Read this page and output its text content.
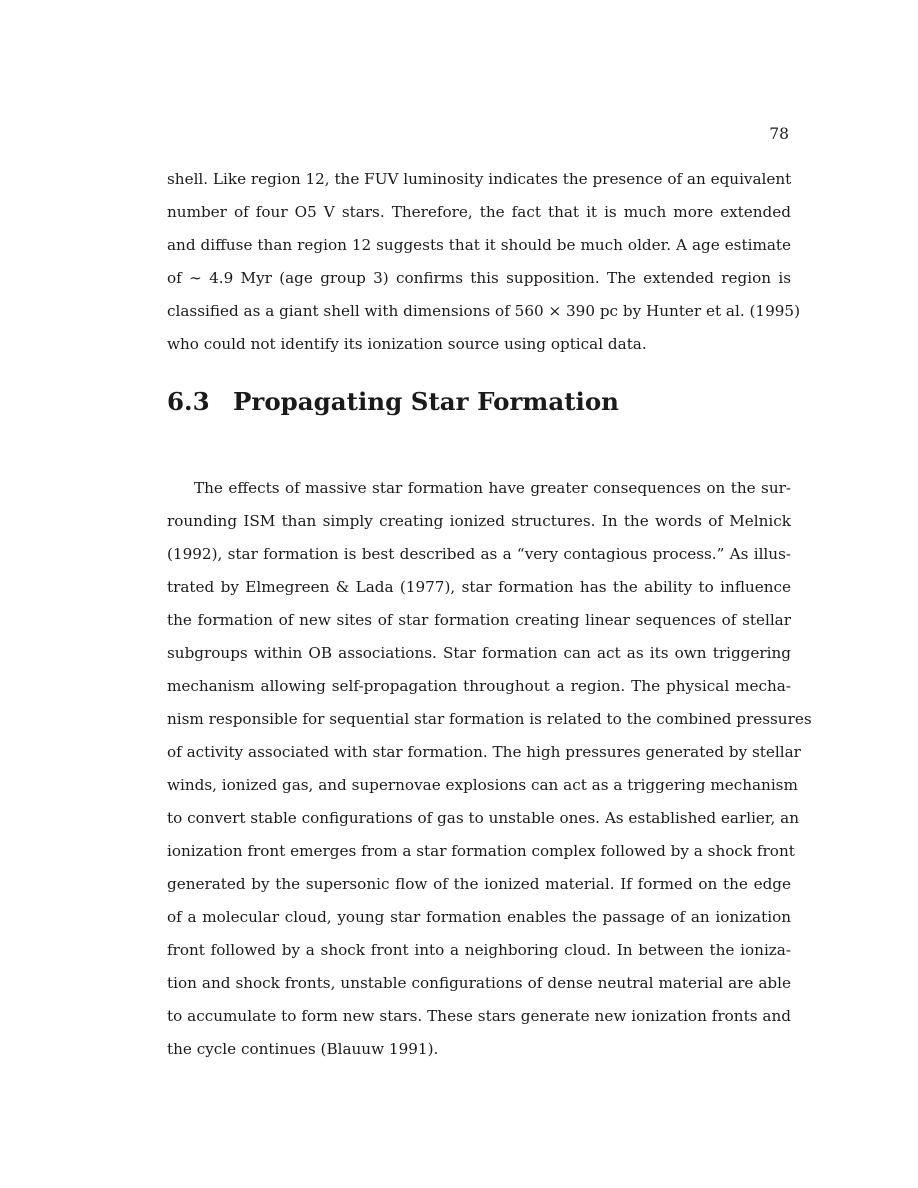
78
shell. Like region 12, the FUV luminosity indicates the presence of an equivalent
number of four O5 V stars. Therefore, the fact that it is much more extended
and diffuse than region 12 suggests that it should be much older. A age estimate
of ∼ 4.9 Myr (age group 3) confirms this supposition. The extended region is
classified as a giant shell with dimensions of 560 × 390 pc by Hunter et al. (1995)
who could not identify its ionization source using optical data.
6.3 Propagating Star Formation
The effects of massive star formation have greater consequences on the sur-
rounding ISM than simply creating ionized structures. In the words of Melnick
(1992), star formation is best described as a “very contagious process.” As illus-
trated by Elmegreen & Lada (1977), star formation has the ability to influence
the formation of new sites of star formation creating linear sequences of stellar
subgroups within OB associations. Star formation can act as its own triggering
mechanism allowing self-propagation throughout a region. The physical mecha-
nism responsible for sequential star formation is related to the combined pressures
of activity associated with star formation. The high pressures generated by stellar
winds, ionized gas, and supernovae explosions can act as a triggering mechanism
to convert stable configurations of gas to unstable ones. As established earlier, an
ionization front emerges from a star formation complex followed by a shock front
generated by the supersonic flow of the ionized material. If formed on the edge
of a molecular cloud, young star formation enables the passage of an ionization
front followed by a shock front into a neighboring cloud. In between the ioniza-
tion and shock fronts, unstable configurations of dense neutral material are able
to accumulate to form new stars. These stars generate new ionization fronts and
the cycle continues (Blauuw 1991).
